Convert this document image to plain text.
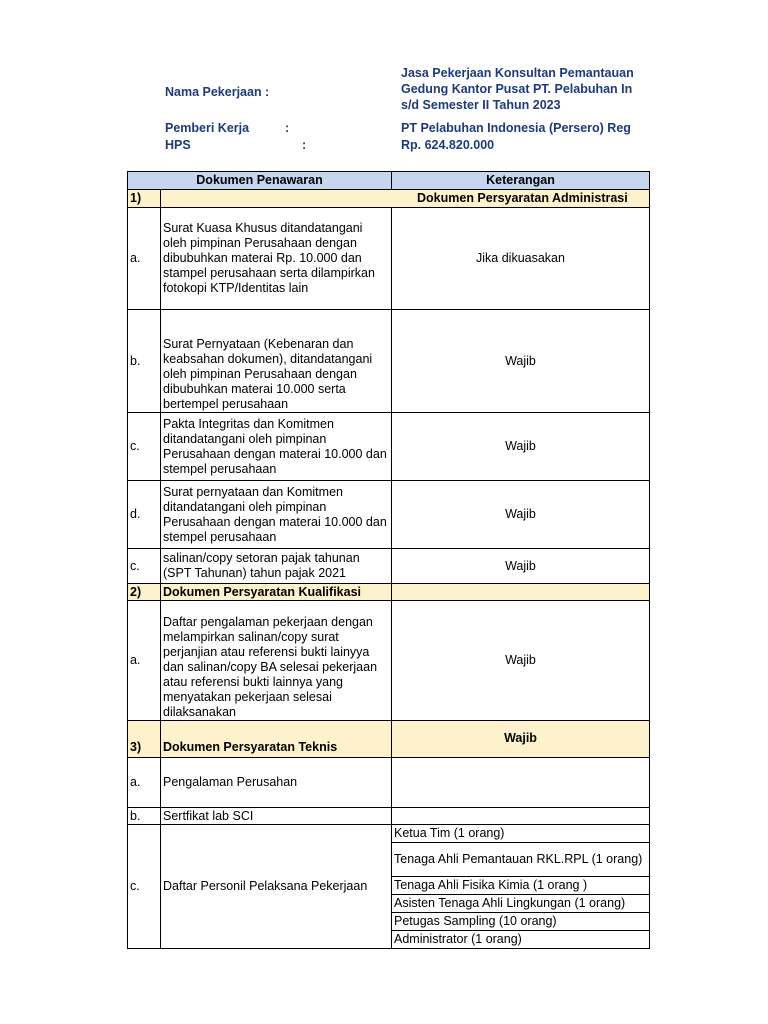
Nama Pekerjaan :
Jasa Pekerjaan Konsultan Pemantauan
Gedung Kantor Pusat PT. Pelabuhan In
s/d Semester II Tahun 2023
Pemberi Kerja	:	PT Pelabuhan Indonesia (Persero) Reg
HPS	:	Rp. 624.820.000
Dokumen Penawaran		Keterangan
1)	Dokumen Persyaratan Administrasi	
a.	Surat Kuasa Khusus ditandatangani oleh pimpinan Perusahaan dengan dibubuhkan materai Rp. 10.000 dan stampel perusahaan serta dilampirkan fotokopi KTP/Identitas lain	Jika dikuasakan
b.	Surat Pernyataan (Kebenaran dan keabsahan dokumen), ditandatangani oleh pimpinan Perusahaan dengan dibubuhkan materai 10.000 serta bertempel perusahaan	Wajib
c.	Pakta Integritas dan Komitmen ditandatangani oleh pimpinan Perusahaan dengan materai 10.000 dan stempel perusahaan	Wajib
d.	Surat pernyataan dan Komitmen ditandatangani oleh pimpinan Perusahaan dengan materai 10.000 dan stempel perusahaan	Wajib
c.	salinan/copy setoran pajak tahunan (SPT Tahunan) tahun pajak 2021	Wajib
2)	Dokumen Persyaratan Kualifikasi	
a.	Daftar pengalaman pekerjaan dengan melampirkan salinan/copy surat perjanjian atau referensi bukti lainyya dan salinan/copy BA selesai pekerjaan atau referensi bukti lainnya yang menyatakan pekerjaan selesai dilaksanakan	Wajib
3)	Dokumen Persyaratan Teknis	Wajib
a.	Pengalaman Perusahan	
b.	Sertfikat lab SCI	
c.	Daftar Personil Pelaksana Pekerjaan	Ketua Tim (1 orang)
		Tenaga Ahli Pemantauan RKL.RPL (1 orang)
		Tenaga Ahli Fisika Kimia (1 orang )
		Asisten Tenaga Ahli Lingkungan (1 orang)
		Petugas Sampling (10 orang)
		Administrator (1 orang)
